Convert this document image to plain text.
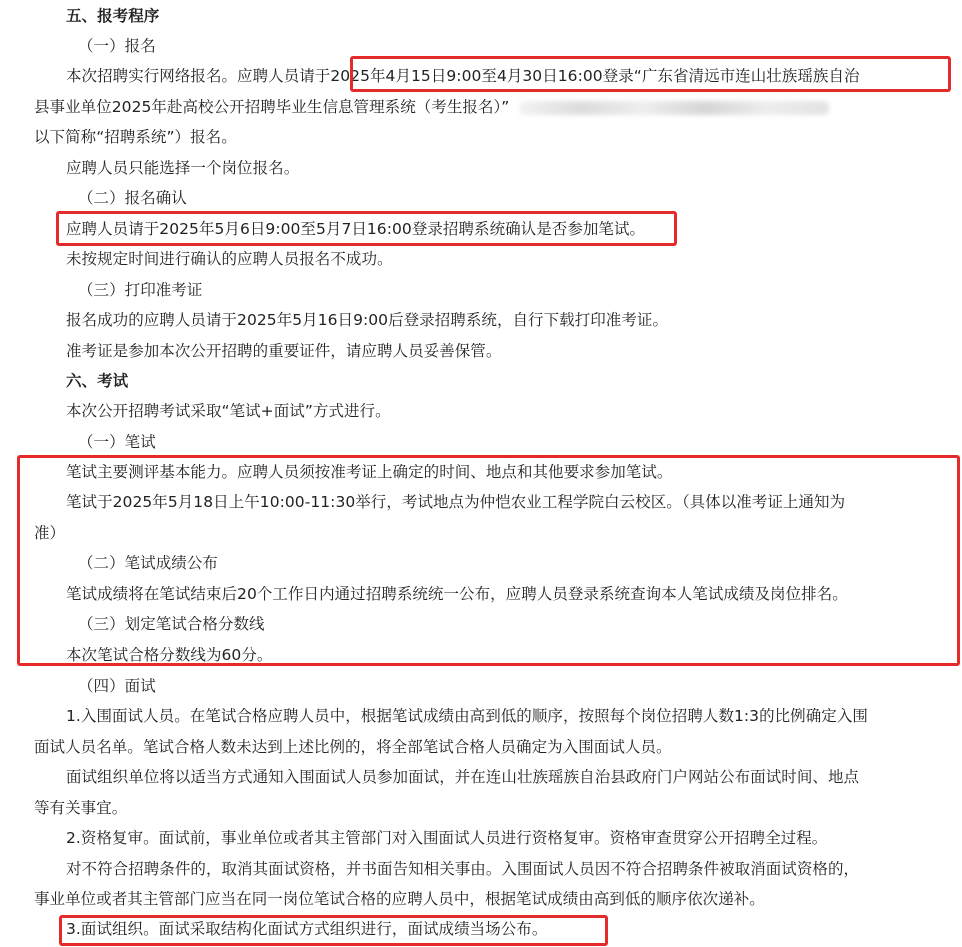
五、报考程序
（一）报名
本次招聘实行网络报名。应聘人员请于2025年4月15日9:00至4月30日16:00登录“广东省清远市连山壮族瑶族自治
县事业单位2025年赴高校公开招聘毕业生信息管理系统（考生报名）”
以下简称“招聘系统”）报名。
应聘人员只能选择一个岗位报名。
（二）报名确认
应聘人员请于2025年5月6日9:00至5月7日16:00登录招聘系统确认是否参加笔试。
未按规定时间进行确认的应聘人员报名不成功。
（三）打印准考证
报名成功的应聘人员请于2025年5月16日9:00后登录招聘系统，自行下载打印准考证。
准考证是参加本次公开招聘的重要证件，请应聘人员妥善保管。
六、考试
本次公开招聘考试采取“笔试+面试”方式进行。
（一）笔试
笔试主要测评基本能力。应聘人员须按准考证上确定的时间、地点和其他要求参加笔试。
笔试于2025年5月18日上午10:00-11:30举行，考试地点为仲恺农业工程学院白云校区。（具体以准考证上通知为
准）
（二）笔试成绩公布
笔试成绩将在笔试结束后20个工作日内通过招聘系统统一公布，应聘人员登录系统查询本人笔试成绩及岗位排名。
（三）划定笔试合格分数线
本次笔试合格分数线为60分。
（四）面试
1.入围面试人员。在笔试合格应聘人员中，根据笔试成绩由高到低的顺序，按照每个岗位招聘人数1:3的比例确定入围
面试人员名单。笔试合格人数未达到上述比例的，将全部笔试合格人员确定为入围面试人员。
面试组织单位将以适当方式通知入围面试人员参加面试，并在连山壮族瑶族自治县政府门户网站公布面试时间、地点
等有关事宜。
2.资格复审。面试前，事业单位或者其主管部门对入围面试人员进行资格复审。资格审查贯穿公开招聘全过程。
对不符合招聘条件的，取消其面试资格，并书面告知相关事由。入围面试人员因不符合招聘条件被取消面试资格的，
事业单位或者其主管部门应当在同一岗位笔试合格的应聘人员中，根据笔试成绩由高到低的顺序依次递补。
3.面试组织。面试采取结构化面试方式组织进行，面试成绩当场公布。
